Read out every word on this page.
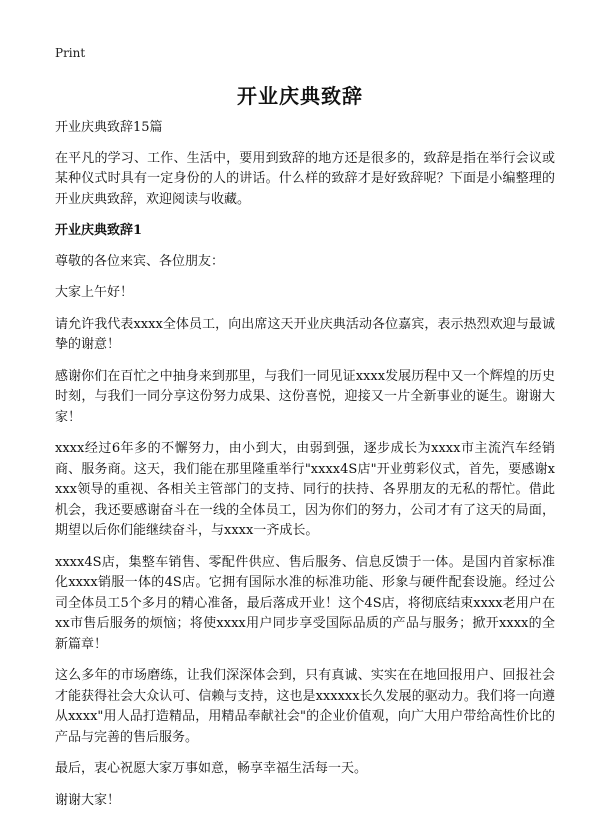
Print
开业庆典致辞

开业庆典致辞15篇

在平凡的学习、工作、生活中，要用到致辞的地方还是很多的，致辞是指在举行会议或某种仪式时具有一定身份的人的讲话。什么样的致辞才是好致辞呢？下面是小编整理的开业庆典致辞，欢迎阅读与收藏。

开业庆典致辞1

尊敬的各位来宾、各位朋友：

大家上午好！

请允许我代表xxxx全体员工，向出席这天开业庆典活动各位嘉宾，表示热烈欢迎与最诚挚的谢意！

感谢你们在百忙之中抽身来到那里，与我们一同见证xxxx发展历程中又一个辉煌的历史时刻，与我们一同分享这份努力成果、这份喜悦，迎接又一片全新事业的诞生。谢谢大家！

xxxx经过6年多的不懈努力，由小到大，由弱到强，逐步成长为xxxx市主流汽车经销商、服务商。这天，我们能在那里隆重举行"xxxx4S店"开业剪彩仪式，首先，要感谢xxxx领导的重视、各相关主管部门的支持、同行的扶持、各界朋友的无私的帮忙。借此机会，我还要感谢奋斗在一线的全体员工，因为你们的努力，公司才有了这天的局面，期望以后你们能继续奋斗，与xxxx一齐成长。

xxxx4S店，集整车销售、零配件供应、售后服务、信息反馈于一体。是国内首家标准化xxxx销服一体的4S店。它拥有国际水准的标准功能、形象与硬件配套设施。经过公司全体员工5个多月的精心准备，最后落成开业！这个4S店，将彻底结束xxxx老用户在xx市售后服务的烦恼；将使xxxx用户同步享受国际品质的产品与服务；掀开xxxx的全新篇章！

这么多年的市场磨练，让我们深深体会到，只有真诚、实实在在地回报用户、回报社会才能获得社会大众认可、信赖与支持，这也是xxxxxx长久发展的驱动力。我们将一向遵从xxxx"用人品打造精品，用精品奉献社会"的企业价值观，向广大用户带给高性价比的产品与完善的售后服务。

最后，衷心祝愿大家万事如意，畅享幸福生活每一天。

谢谢大家！
